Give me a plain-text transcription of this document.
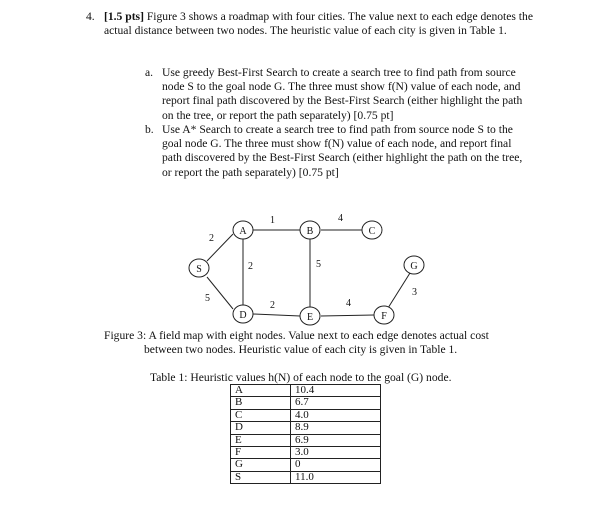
4. [1.5 pts] Figure 3 shows a roadmap with four cities. The value next to each edge denotes the actual distance between two nodes. The heuristic value of each city is given in Table 1.
a. Use greedy Best-First Search to create a search tree to find path from source node S to the goal node G. The three must show f(N) value of each node, and report final path discovered by the Best-First Search (either highlight the path on the tree, or report the path separately) [0.75 pt]
b. Use A* Search to create a search tree to find path from source node S to the goal node G. The three must show f(N) value of each node, and report final path discovered by the Best-First Search (either highlight the path on the tree, or report the path separately) [0.75 pt]
S
A	B	C
D	E	F
G
2
1	4
2	5
5
2	4
3
Figure 3: A field map with eight nodes. Value next to each edge denotes actual cost
between two nodes. Heuristic value of each city is given in Table 1.
Table 1: Heuristic values h(N) of each node to the goal (G) node.
A	10.4
B	6.7
C	4.0
D	8.9
E	6.9
F	3.0
G	0
S	11.0
